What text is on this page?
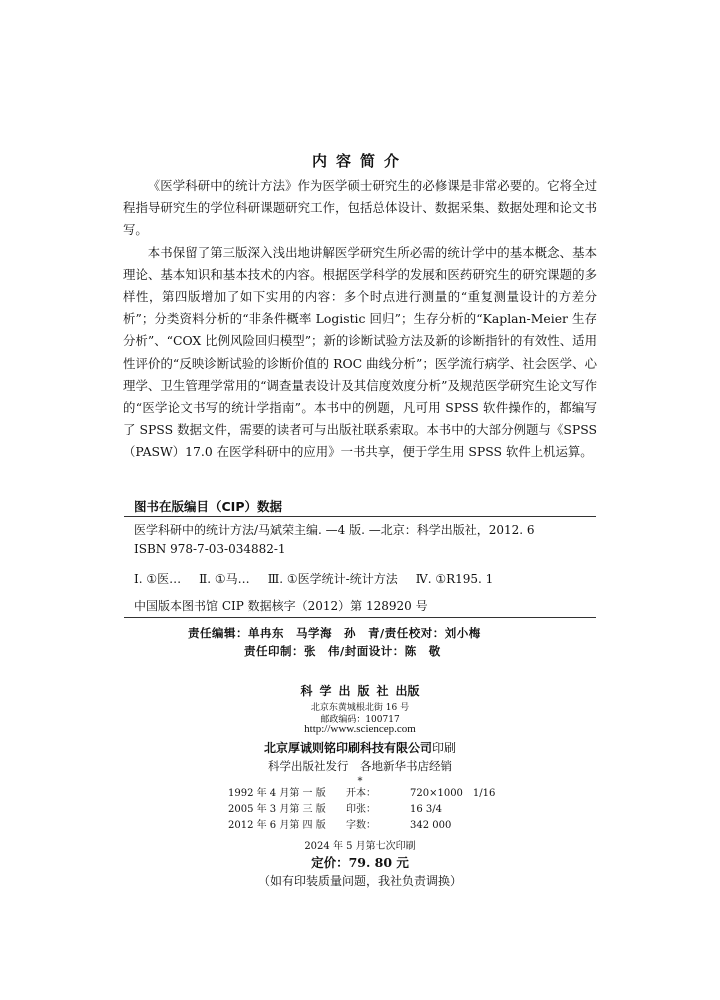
内容简介

《医学科研中的统计方法》作为医学硕士研究生的必修课是非常必要的。它将全过程指导研究生的学位科研课题研究工作，包括总体设计、数据采集、数据处理和论文书写。

本书保留了第三版深入浅出地讲解医学研究生所必需的统计学中的基本概念、基本理论、基本知识和基本技术的内容。根据医学科学的发展和医药研究生的研究课题的多样性，第四版增加了如下实用的内容：多个时点进行测量的“重复测量设计的方差分析”；分类资料分析的“非条件概率 Logistic 回归”；生存分析的“Kaplan-Meier 生存分析”、“COX 比例风险回归模型”；新的诊断试验方法及新的诊断指针的有效性、适用性评价的“反映诊断试验的诊断价值的 ROC 曲线分析”；医学流行病学、社会医学、心理学、卫生管理学常用的“调查量表设计及其信度效度分析”及规范医学研究生论文写作的“医学论文书写的统计学指南”。本书中的例题，凡可用 SPSS 软件操作的，都编写了 SPSS 数据文件，需要的读者可与出版社联系索取。本书中的大部分例题与《SPSS（PASW）17.0 在医学科研中的应用》一书共享，便于学生用 SPSS 软件上机运算。

图书在版编目（CIP）数据
医学科研中的统计方法/马斌荣主编. —4 版. —北京：科学出版社，2012. 6
ISBN 978-7-03-034882-1
Ⅰ. ①医… Ⅱ. ①马… Ⅲ. ①医学统计-统计方法 Ⅳ. ①R195. 1
中国版本图书馆 CIP 数据核字（2012）第 128920 号
责任编辑：单冉东　马学海　孙　青/责任校对：刘小梅
责任印制：张　伟/封面设计：陈　敬
科学出版社出版
北京东黄城根北街 16 号
邮政编码：100717
http://www.sciencep.com
北京厚诚则铭印刷科技有限公司印刷
科学出版社发行　各地新华书店经销
*
1992 年 4 月第 一 版 开本：	720×1000　1/16
2005 年 3 月第 三 版 印张：	16 3/4
2012 年 6 月第 四 版 字数：	342 000
2024 年 5 月第七次印刷
定价：79. 80 元
（如有印装质量问题，我社负责调换）
